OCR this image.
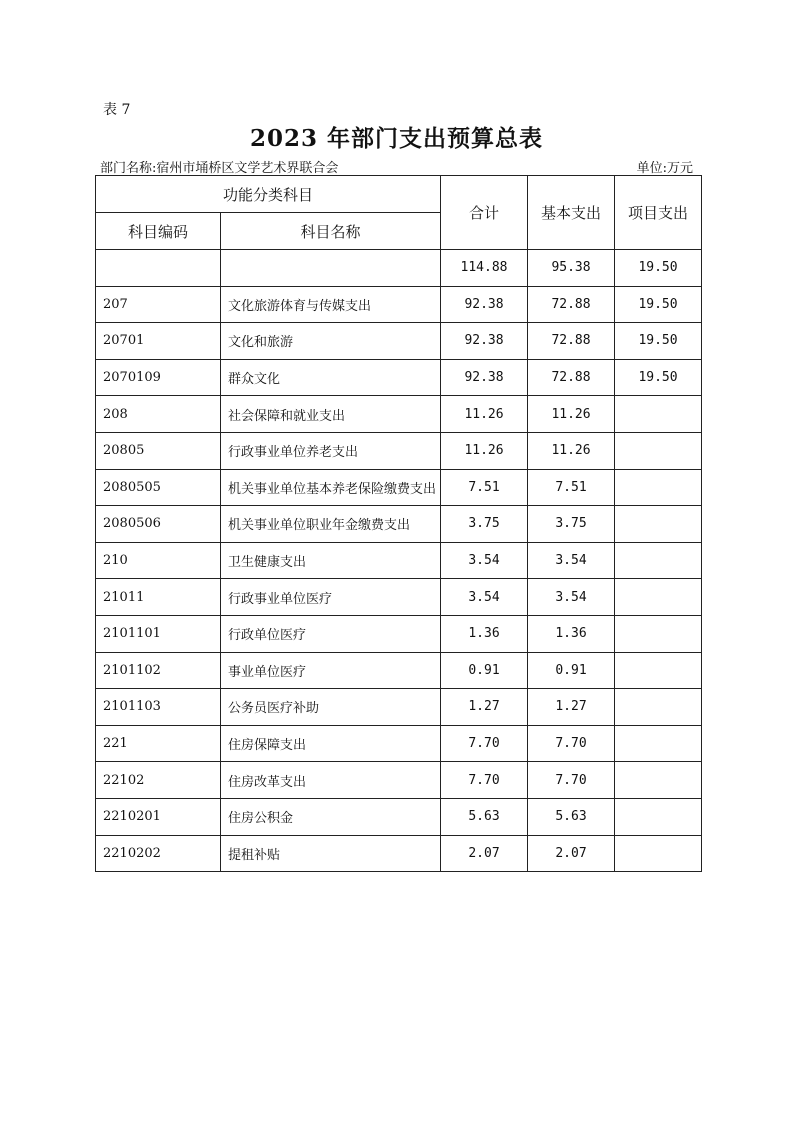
表 7
2023 年部门支出预算总表
部门名称:宿州市埇桥区文学艺术界联合会	单位:万元
功能分类科目		合计	基本支出	项目支出
科目编码	科目名称			
		114.88	95.38	19.50
207	文化旅游体育与传媒支出	92.38	72.88	19.50
20701	文化和旅游	92.38	72.88	19.50
2070109	群众文化	92.38	72.88	19.50
208	社会保障和就业支出	11.26	11.26	
20805	行政事业单位养老支出	11.26	11.26	
2080505	机关事业单位基本养老保险缴费支出	7.51	7.51	
2080506	机关事业单位职业年金缴费支出	3.75	3.75	
210	卫生健康支出	3.54	3.54	
21011	行政事业单位医疗	3.54	3.54	
2101101	行政单位医疗	1.36	1.36	
2101102	事业单位医疗	0.91	0.91	
2101103	公务员医疗补助	1.27	1.27	
221	住房保障支出	7.70	7.70	
22102	住房改革支出	7.70	7.70	
2210201	住房公积金	5.63	5.63	
2210202	提租补贴	2.07	2.07	
